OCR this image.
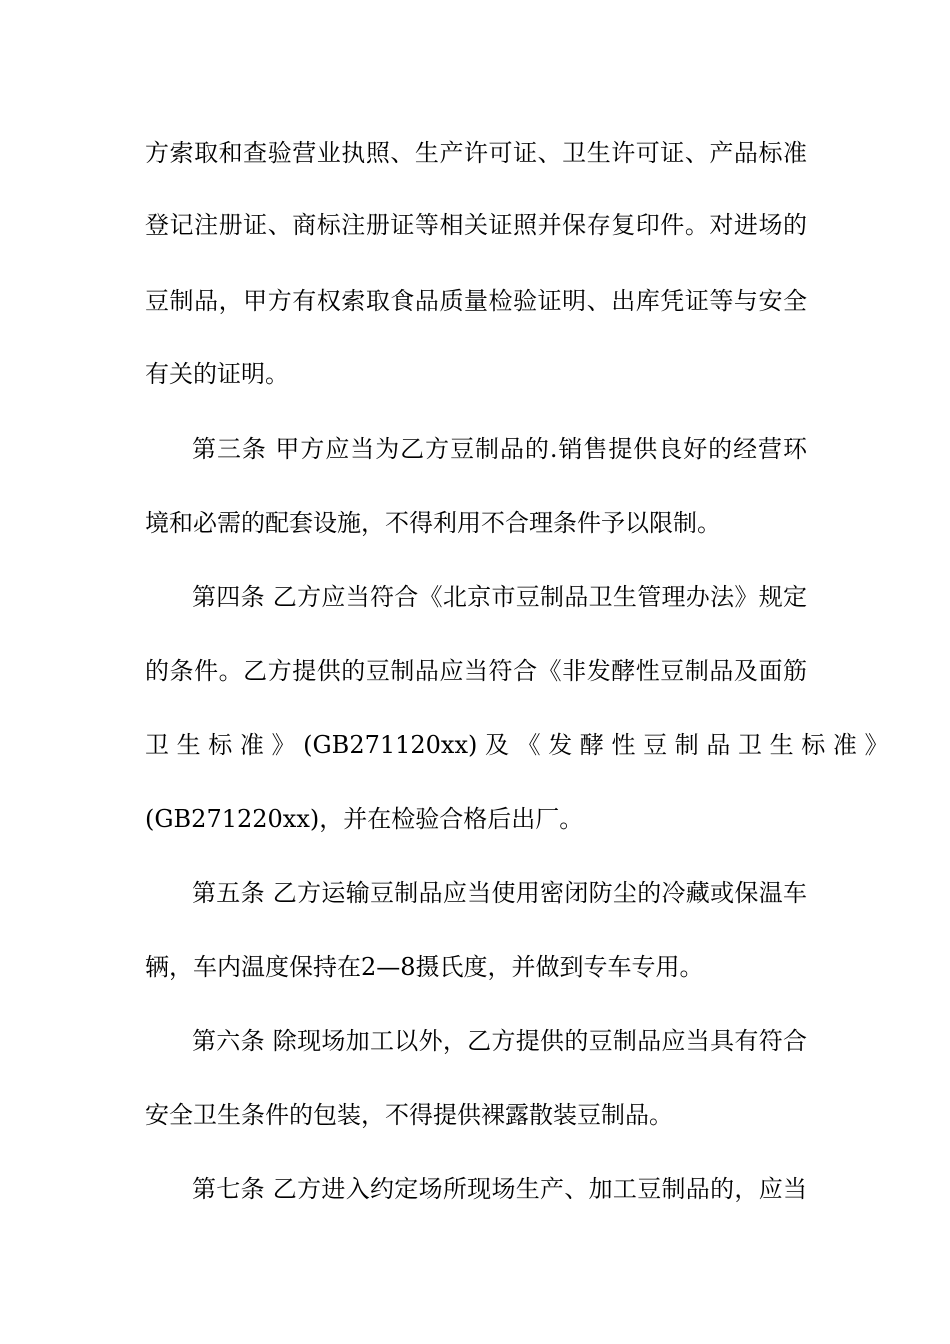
方索取和查验营业执照、生产许可证、卫生许可证、产品标准
登记注册证、商标注册证等相关证照并保存复印件。对进场的
豆制品，甲方有权索取食品质量检验证明、出库凭证等与安全
有关的证明。
第三条 甲方应当为乙方豆制品的.销售提供良好的经营环
境和必需的配套设施，不得利用不合理条件予以限制。
第四条 乙方应当符合《北京市豆制品卫生管理办法》规定
的条件。乙方提供的豆制品应当符合《非发酵性豆制品及面筋
卫 生 标 准 》 (GB271120xx) 及 《 发 酵 性 豆 制 品 卫 生 标 准 》
(GB271220xx)，并在检验合格后出厂。
第五条 乙方运输豆制品应当使用密闭防尘的冷藏或保温车
辆，车内温度保持在2—8摄氏度，并做到专车专用。
第六条 除现场加工以外，乙方提供的豆制品应当具有符合
安全卫生条件的包装，不得提供裸露散装豆制品。
第七条 乙方进入约定场所现场生产、加工豆制品的，应当
